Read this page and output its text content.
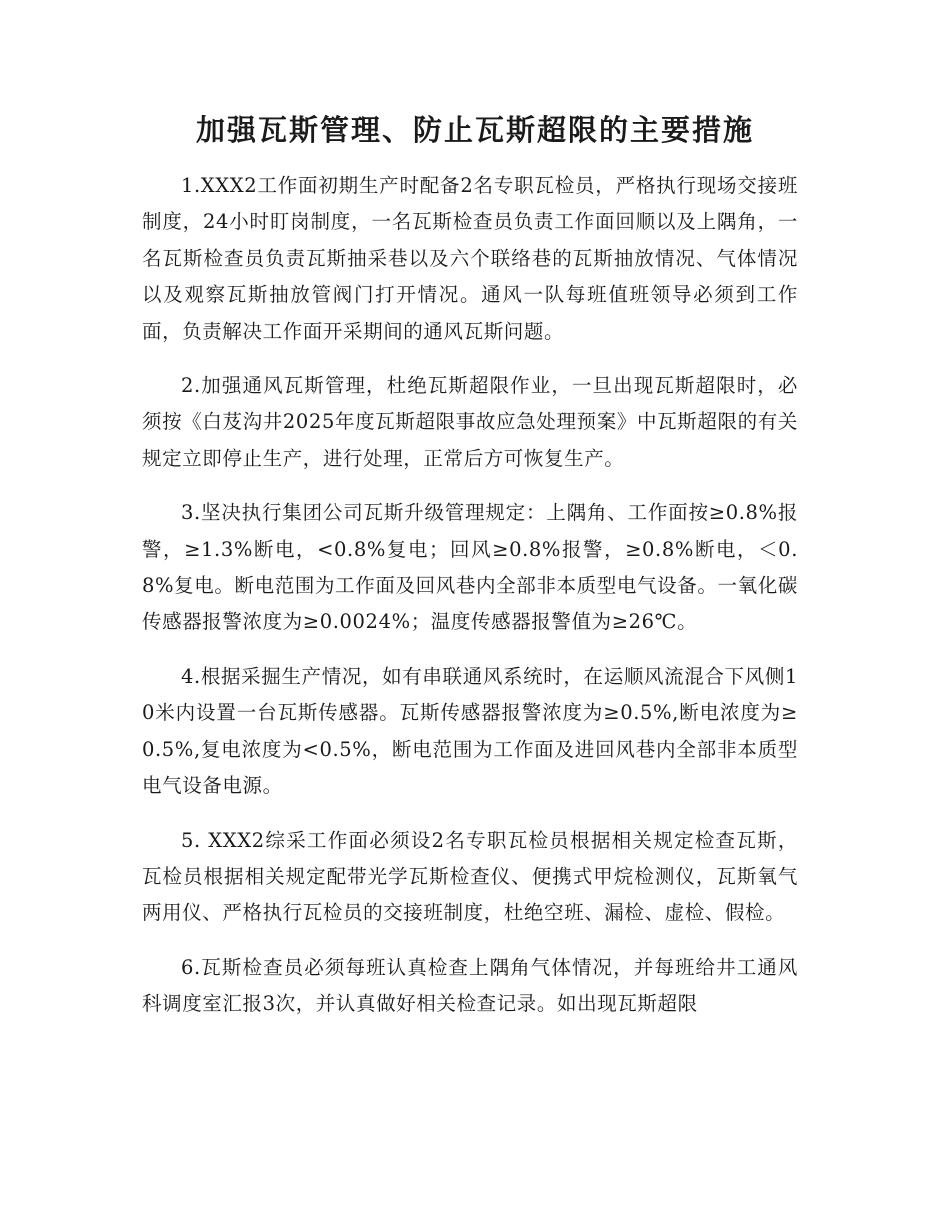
加强瓦斯管理、防止瓦斯超限的主要措施

1.XXX2工作面初期生产时配备2名专职瓦检员，严格执行现场交接班制度，24小时盯岗制度，一名瓦斯检查员负责工作面回顺以及上隅角，一名瓦斯检查员负责瓦斯抽采巷以及六个联络巷的瓦斯抽放情况、气体情况以及观察瓦斯抽放管阀门打开情况。通风一队每班值班领导必须到工作面，负责解决工作面开采期间的通风瓦斯问题。

2.加强通风瓦斯管理，杜绝瓦斯超限作业，一旦出现瓦斯超限时，必须按《白芨沟井2025年度瓦斯超限事故应急处理预案》中瓦斯超限的有关规定立即停止生产，进行处理，正常后方可恢复生产。

3.坚决执行集团公司瓦斯升级管理规定：上隅角、工作面按≥0.8%报警，≥1.3%断电，<0.8%复电；回风≥0.8%报警，≥0.8%断电，＜0.8%复电。断电范围为工作面及回风巷内全部非本质型电气设备。一氧化碳传感器报警浓度为≥0.0024%；温度传感器报警值为≥26℃。

4.根据采掘生产情况，如有串联通风系统时，在运顺风流混合下风侧10米内设置一台瓦斯传感器。瓦斯传感器报警浓度为≥0.5%,断电浓度为≥0.5%,复电浓度为<0.5%，断电范围为工作面及进回风巷内全部非本质型电气设备电源。

5. XXX2综采工作面必须设2名专职瓦检员根据相关规定检查瓦斯，瓦检员根据相关规定配带光学瓦斯检查仪、便携式甲烷检测仪，瓦斯氧气两用仪、严格执行瓦检员的交接班制度，杜绝空班、漏检、虚检、假检。

6.瓦斯检查员必须每班认真检查上隅角气体情况，并每班给井工通风科调度室汇报3次，并认真做好相关检查记录。如出现瓦斯超限
